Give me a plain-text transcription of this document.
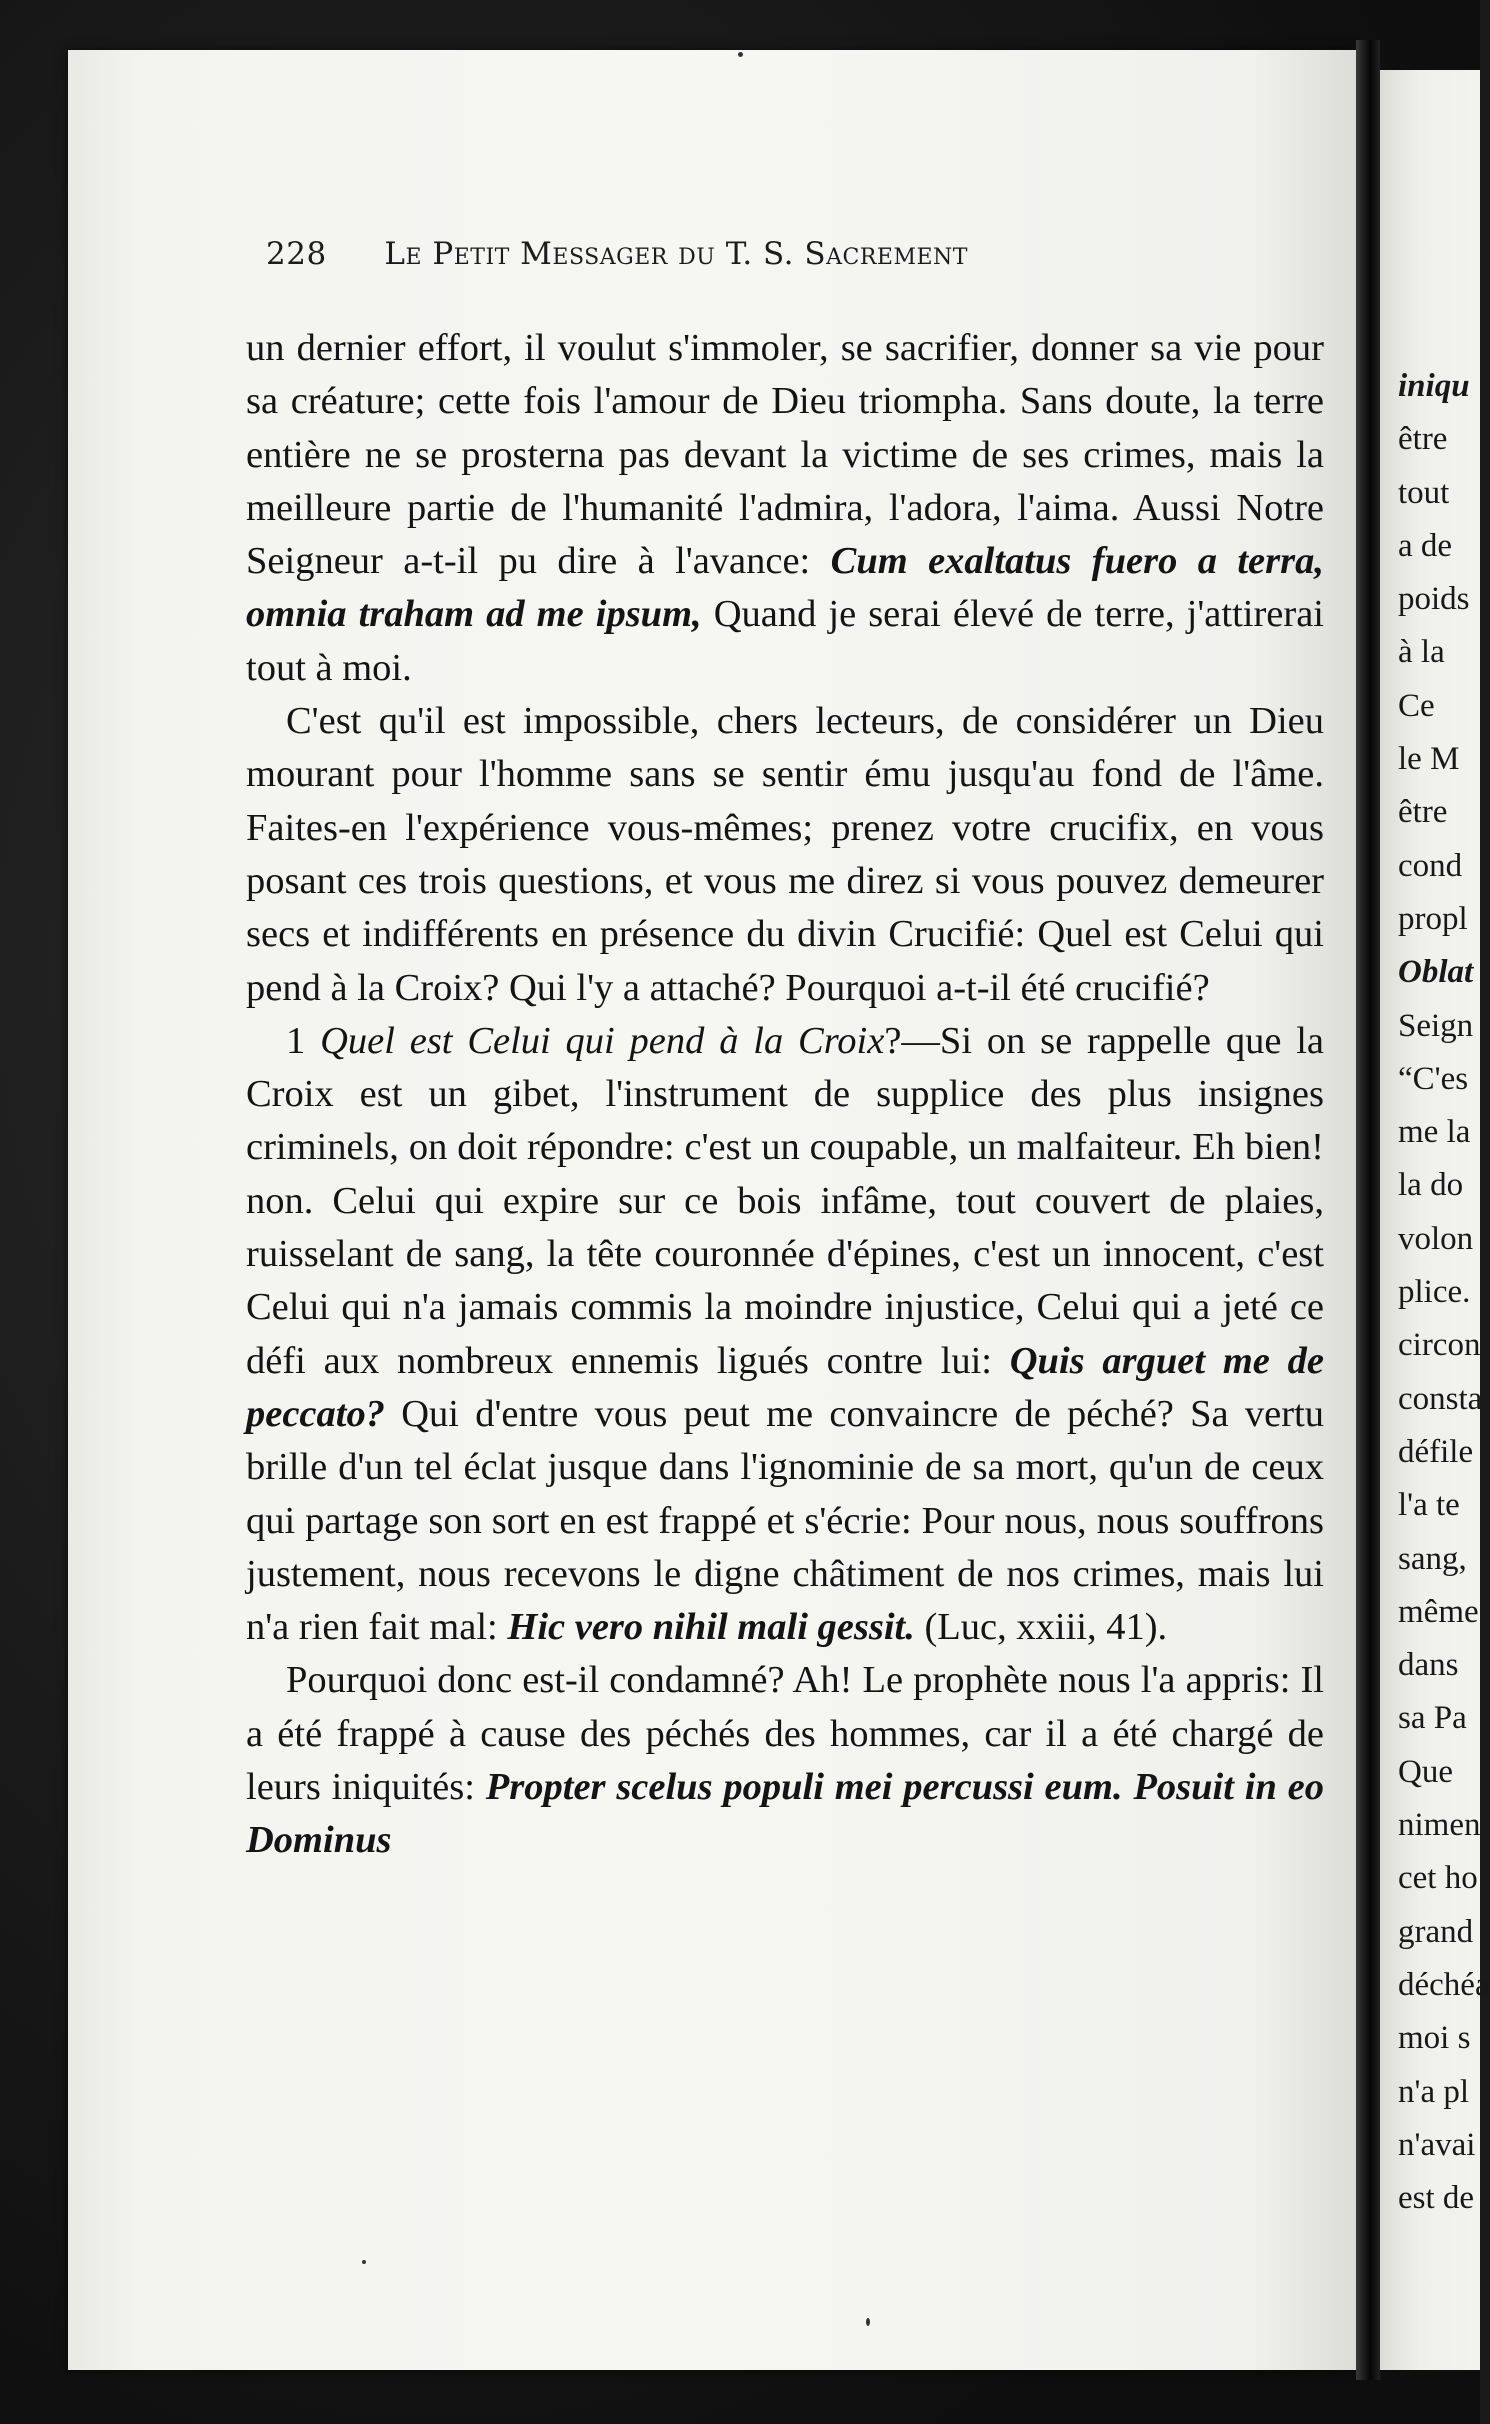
228 Le Petit Messager du T. S. Sacrement

un dernier effort, il voulut s'immoler, se sacrifier, donner sa vie pour sa créature; cette fois l'amour de Dieu triompha. Sans doute, la terre entière ne se prosterna pas devant la victime de ses crimes, mais la meilleure partie de l'humanité l'admira, l'adora, l'aima. Aussi Notre Seigneur a-t-il pu dire à l'avance: Cum exaltatus fuero a terra, omnia traham ad me ipsum, Quand je serai élevé de terre, j'attirerai tout à moi.

C'est qu'il est impossible, chers lecteurs, de considérer un Dieu mourant pour l'homme sans se sentir ému jusqu'au fond de l'âme. Faites-en l'expérience vous-mêmes; prenez votre crucifix, en vous posant ces trois questions, et vous me direz si vous pouvez demeurer secs et indifférents en présence du divin Crucifié: Quel est Celui qui pend à la Croix? Qui l'y a attaché? Pourquoi a-t-il été crucifié?

1 Quel est Celui qui pend à la Croix?—Si on se rappelle que la Croix est un gibet, l'instrument de supplice des plus insignes criminels, on doit répondre: c'est un coupable, un malfaiteur. Eh bien! non. Celui qui expire sur ce bois infâme, tout couvert de plaies, ruisselant de sang, la tête couronnée d'épines, c'est un innocent, c'est Celui qui n'a jamais commis la moindre injustice, Celui qui a jeté ce défi aux nombreux ennemis ligués contre lui: Quis arguet me de peccato? Qui d'entre vous peut me convaincre de péché? Sa vertu brille d'un tel éclat jusque dans l'ignominie de sa mort, qu'un de ceux qui partage son sort en est frappé et s'écrie: Pour nous, nous souffrons justement, nous recevons le digne châtiment de nos crimes, mais lui n'a rien fait mal: Hic vero nihil mali gessit. (Luc, xxiii, 41).

Pourquoi donc est-il condamné? Ah! Le prophète nous l'a appris: Il a été frappé à cause des péchés des hommes, car il a été chargé de leurs iniquités: Propter scelus populi mei percussi eum. Posuit in eo Dominus

iniqu
être
tout
a de
poids
à la
Ce
le M
être
cond
propl
Oblat
Seign
“C'es
me la
la do
volon
plice.
circon
consta
défile
l'a te
sang,
même
dans
sa Pa
Que
nimen
cet ho
grand
déchéa
moi s
n'a pl
n'avai
est de
